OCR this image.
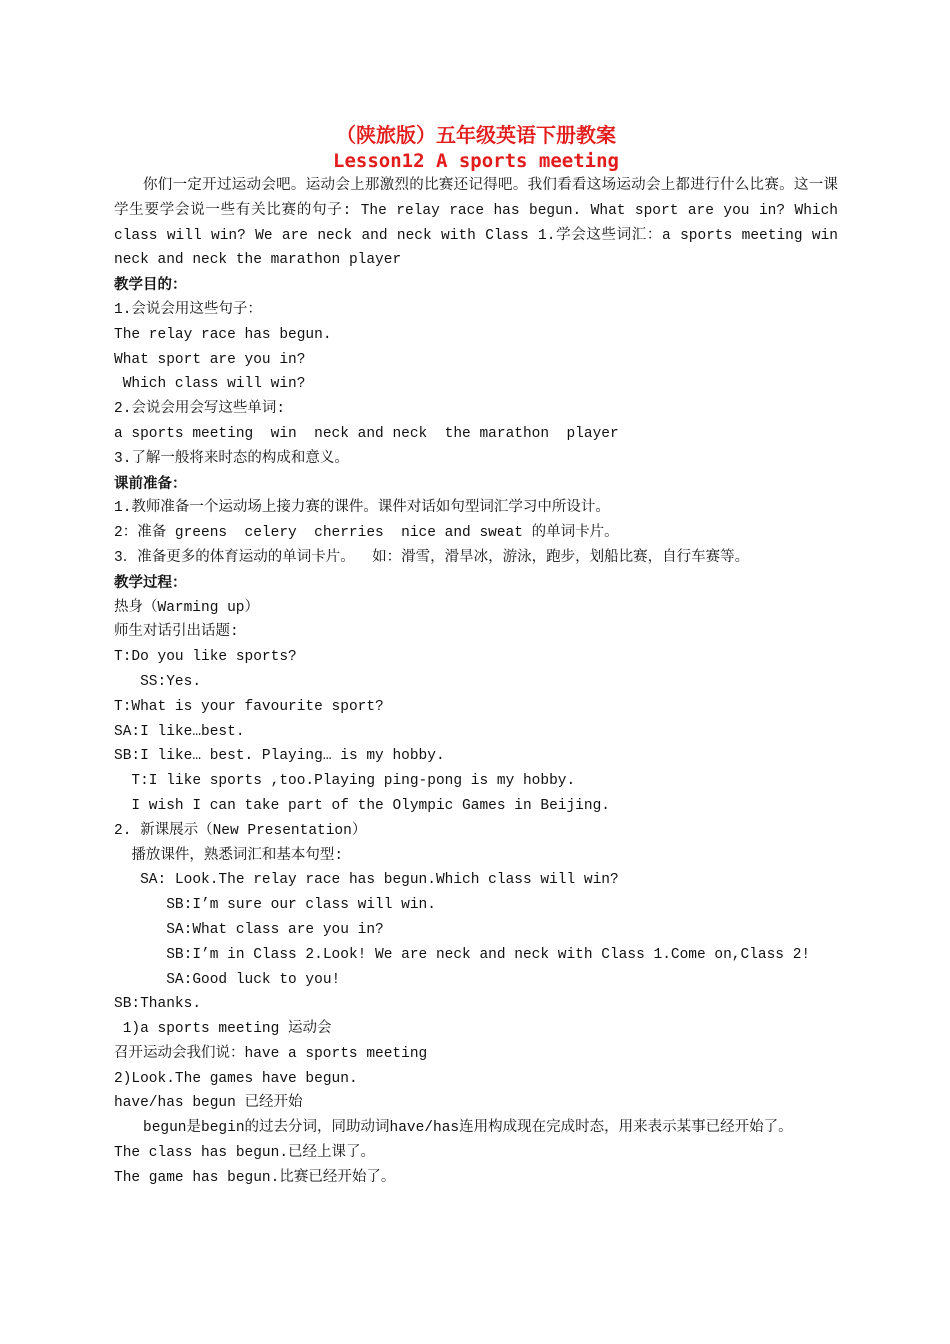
（陕旅版）五年级英语下册教案
Lesson12 A sports meeting
你们一定开过运动会吧。运动会上那激烈的比赛还记得吧。我们看看这场运动会上都进行什么比赛。这一课学生要学会说一些有关比赛的句子: The relay race has begun. What sport are you in? Which class will win? We are neck and neck with Class 1.学会这些词汇：a sports meeting win neck and neck the marathon player
教学目的：
1.会说会用这些句子：
The relay race has begun.
What sport are you in?
Which class will win?
2.会说会用会写这些单词:
a sports meeting  win  neck and neck  the marathon  player
3.了解一般将来时态的构成和意义。
课前准备：
1.教师准备一个运动场上接力赛的课件。课件对话如句型词汇学习中所设计。
2：准备 greens  celery  cherries  nice and sweat 的单词卡片。
3．准备更多的体育运动的单词卡片。  如：滑雪，滑旱冰，游泳，跑步，划船比赛，自行车赛等。
教学过程：
热身（Warming up）
师生对话引出话题:
T:Do you like sports?
SS:Yes.
T:What is your favourite sport?
SA:I like…best.
SB:I like… best. Playing… is my hobby.
T:I like sports ,too.Playing ping-pong is my hobby.
I wish I can take part of the Olympic Games in Beijing.
2. 新课展示（New Presentation）
播放课件，熟悉词汇和基本句型:
SA: Look.The relay race has begun.Which class will win?
SB:I’m sure our class will win.
SA:What class are you in?
SB:I’m in Class 2.Look! We are neck and neck with Class 1.Come on,Class 2!
SA:Good luck to you!
SB:Thanks.
1)a sports meeting 运动会
召开运动会我们说：have a sports meeting
2)Look.The games have begun.
have/has begun 已经开始
begun是begin的过去分词，同助动词have/has连用构成现在完成时态，用来表示某事已经开始了。
The class has begun.已经上课了。
The game has begun.比赛已经开始了。
